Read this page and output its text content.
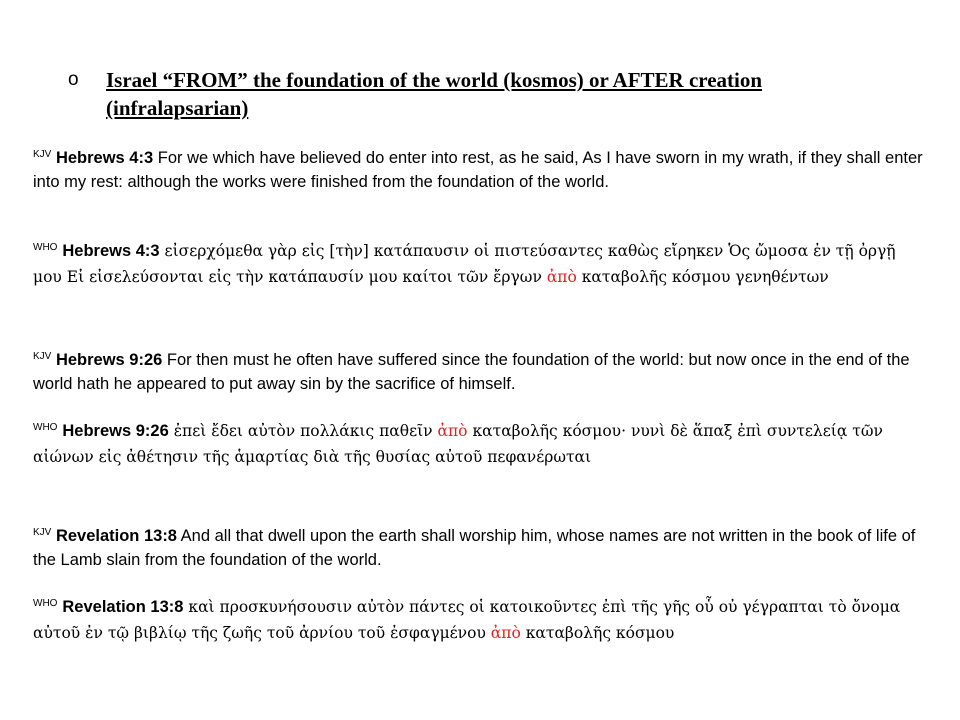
o	Israel “FROM” the foundation of the world (kosmos) or AFTER creation (infralapsarian)
$^{KJV}$ Hebrews 4:3 For we which have believed do enter into rest, as he said, As I have sworn in my wrath, if they shall enter into my rest: although the works were finished from the foundation of the world.
$^{WHO}$ Hebrews 4:3 εἰσερχόμεθα γὰρ εἰς [τὴν] κατάπαυσιν οἱ πιστεύσαντες καθὼς εἴρηκεν Ὁς ὤμοσα ἐν τῇ ὀργῇ μου Εἰ εἰσελεύσονται εἰς τὴν κατάπαυσίν μου καίτοι τῶν ἔργων ἀπὸ καταβολῆς κόσμου γενηθέντων
$^{KJV}$ Hebrews 9:26 For then must he often have suffered since the foundation of the world: but now once in the end of the world hath he appeared to put away sin by the sacrifice of himself.
$^{WHO}$ Hebrews 9:26 ἐπεὶ ἔδει αὐτὸν πολλάκις παθεῖν ἀπὸ καταβολῆς κόσμου· νυνὶ δὲ ἅπαξ ἐπὶ συντελείᾳ τῶν αἰώνων εἰς ἀθέτησιν τῆς ἁμαρτίας διὰ τῆς θυσίας αὐτοῦ πεφανέρωται
$^{KJV}$ Revelation 13:8 And all that dwell upon the earth shall worship him, whose names are not written in the book of life of the Lamb slain from the foundation of the world.
$^{WHO}$ Revelation 13:8 καὶ προσκυνήσουσιν αὐτὸν πάντες οἱ κατοικοῦντες ἐπὶ τῆς γῆς οὗ οὐ γέγραπται τὸ ὄνομα αὐτοῦ ἐν τῷ βιβλίῳ τῆς ζωῆς τοῦ ἀρνίου τοῦ ἐσφαγμένου ἀπὸ καταβολῆς κόσμου
